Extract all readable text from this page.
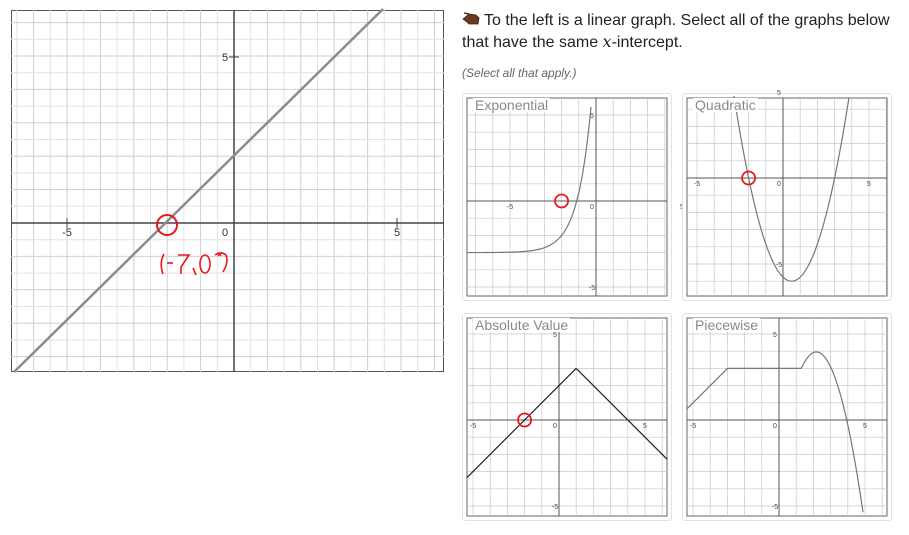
-5	0	5
5
To the left is a linear graph. Select all of the graphs below that have the same x-intercept.
(Select all that apply.)
-5	0
5
-5
Exponential
-5	0	5
5
-5
Quadratic
-5	0	5
5
-5
Absolute Value
-5	0	5
5
-5
Piecewise
